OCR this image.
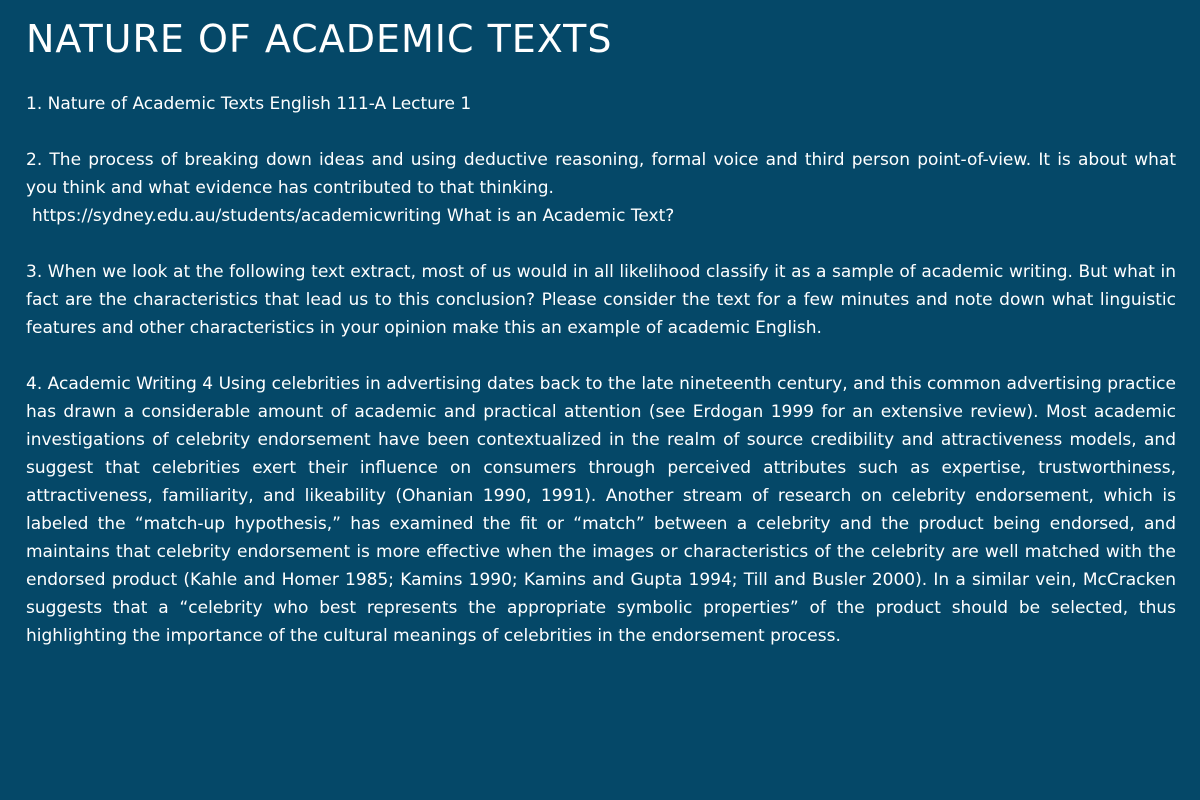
NATURE OF ACADEMIC TEXTS

1. Nature of Academic Texts English 111-A Lecture 1

2. The process of breaking down ideas and using deductive reasoning, formal voice and third person point-of-view. It is about what you think and what evidence has contributed to that thinking.
https://sydney.edu.au/students/academicwriting What is an Academic Text?

3. When we look at the following text extract, most of us would in all likelihood classify it as a sample of academic writing. But what in fact are the characteristics that lead us to this conclusion? Please consider the text for a few minutes and note down what linguistic features and other characteristics in your opinion make this an example of academic English.

4. Academic Writing 4 Using celebrities in advertising dates back to the late nineteenth century, and this common advertising practice has drawn a considerable amount of academic and practical attention (see Erdogan 1999 for an extensive review). Most academic investigations of celebrity endorsement have been contextualized in the realm of source credibility and attractiveness models, and suggest that celebrities exert their influence on consumers through perceived attributes such as expertise, trustworthiness, attractiveness, familiarity, and likeability (Ohanian 1990, 1991). Another stream of research on celebrity endorsement, which is labeled the “match-up hypothesis,” has examined the fit or “match” between a celebrity and the product being endorsed, and maintains that celebrity endorsement is more effective when the images or characteristics of the celebrity are well matched with the endorsed product (Kahle and Homer 1985; Kamins 1990; Kamins and Gupta 1994; Till and Busler 2000). In a similar vein, McCracken suggests that a “celebrity who best represents the appropriate symbolic properties” of the product should be selected, thus highlighting the importance of the cultural meanings of celebrities in the endorsement process.
